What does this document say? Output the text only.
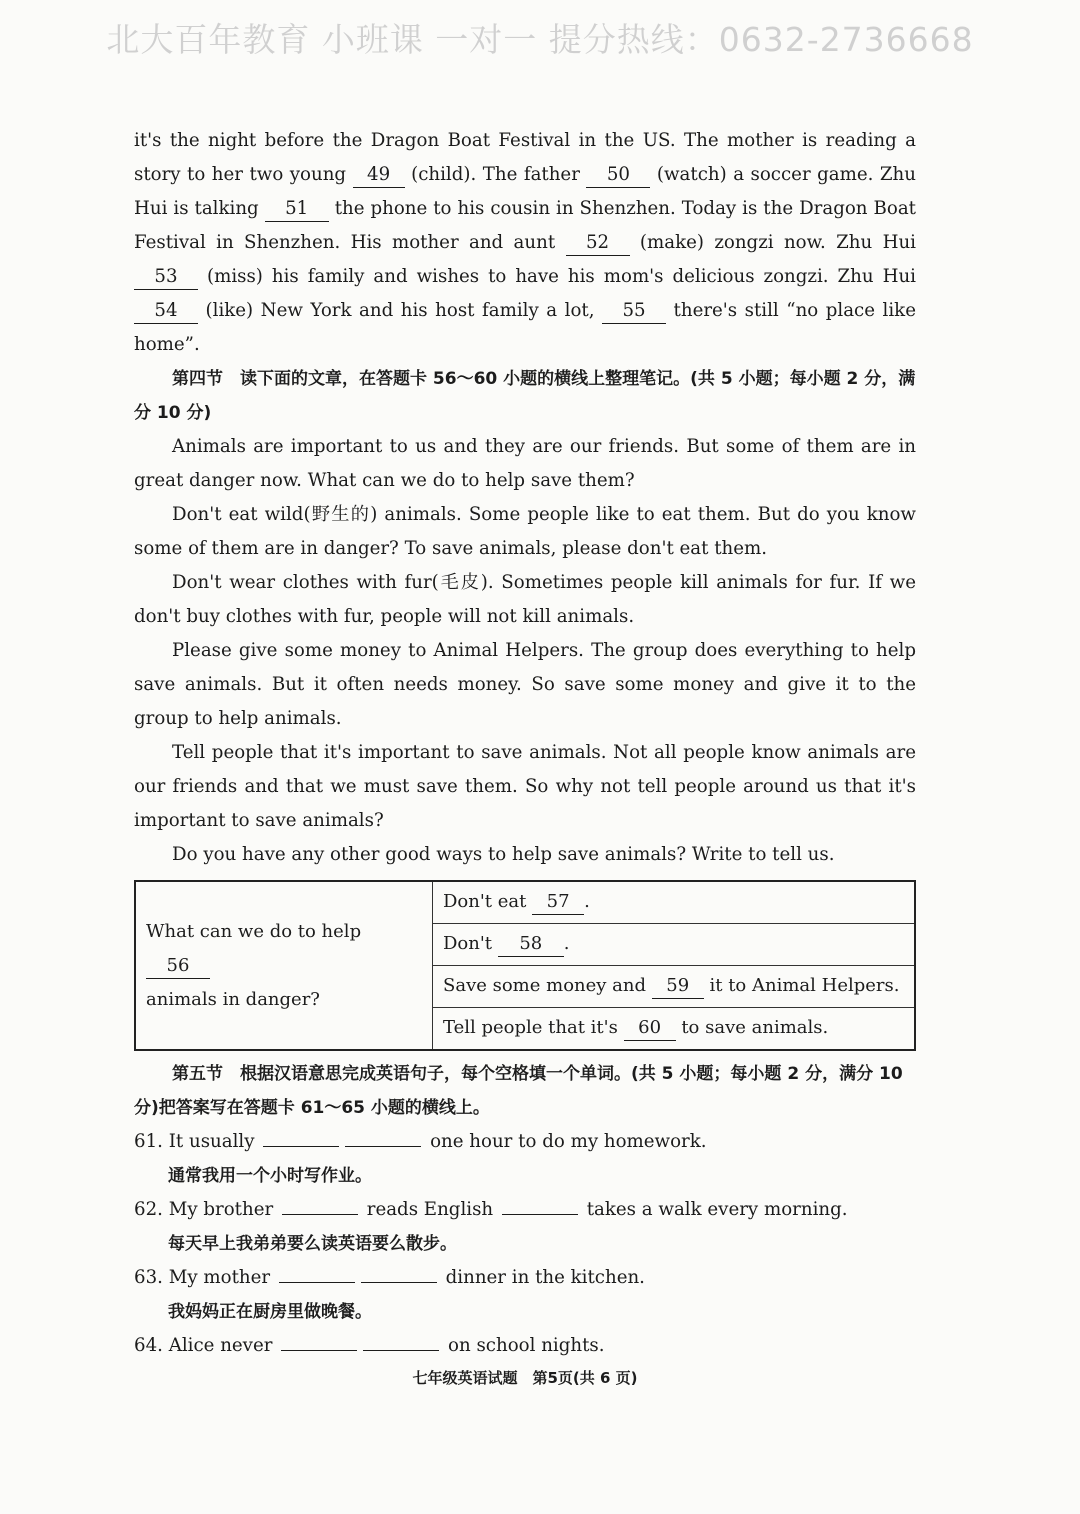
北大百年教育 小班课 一对一 提分热线：0632-2736668

it's the night before the Dragon Boat Festival in the US. The mother is reading a story to her two young 49 (child). The father 50 (watch) a soccer game. Zhu Hui is talking 51 the phone to his cousin in Shenzhen. Today is the Dragon Boat Festival in Shenzhen. His mother and aunt 52 (make) zongzi now. Zhu Hui 53 (miss) his family and wishes to have his mom's delicious zongzi. Zhu Hui 54 (like) New York and his host family a lot, 55 there's still “no place like home”.

第四节　读下面的文章，在答题卡 56～60 小题的横线上整理笔记。(共 5 小题；每小题 2 分，满分 10 分)

Animals are important to us and they are our friends. But some of them are in great danger now. What can we do to help save them?

Don't eat wild(野生的) animals. Some people like to eat them. But do you know some of them are in danger? To save animals, please don't eat them.

Don't wear clothes with fur(毛皮). Sometimes people kill animals for fur. If we don't buy clothes with fur, people will not kill animals.

Please give some money to Animal Helpers. The group does everything to help save animals. But it often needs money. So save some money and give it to the group to help animals.

Tell people that it's important to save animals. Not all people know animals are our friends and that we must save them. So why not tell people around us that it's important to save animals?

Do you have any other good ways to help save animals? Write to tell us.

What can we do to help 56
animals in danger?	Don't eat 57 .
Don't 58 .
Save some money and 59 it to Animal Helpers.
Tell people that it's 60 to save animals.

第五节　根据汉语意思完成英语句子，每个空格填一个单词。(共 5 小题；每小题 2 分，满分 10 分)把答案写在答题卡 61～65 小题的横线上。

61. It usually	one hour to do my homework.
通常我用一个小时写作业。
62. My brother	reads English	takes a walk every morning.
每天早上我弟弟要么读英语要么散步。
63. My mother	dinner in the kitchen.
我妈妈正在厨房里做晚餐。
64. Alice never	on school nights.
七年级英语试题　第5页(共 6 页)
